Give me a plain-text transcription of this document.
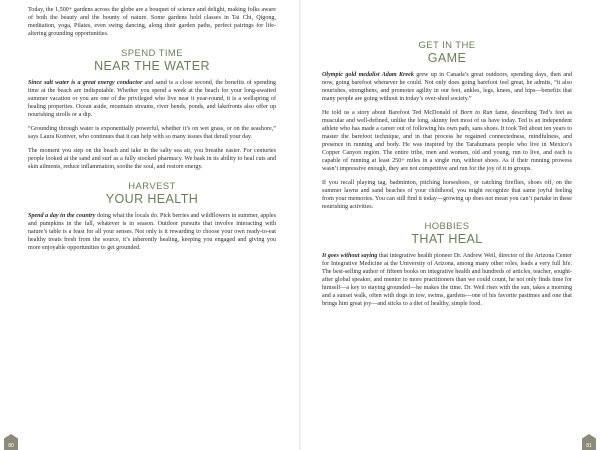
Today, the 1,500+ gardens across the globe are a bouquet of science and delight, making folks aware of both the beauty and the bounty of nature. Some gardens hold classes in Tai Chi, Qigong, meditation, yoga, Pilates, even swing dancing, along their garden paths, perfect pairings for life-altering grounding opportunities.

SPEND TIME
NEAR THE WATER

Since salt water is a great energy conductor and sand is a close second, the benefits of spending time at the beach are indisputable. Whether you spend a week at the beach for your long-awaited summer vacation or you are one of the privileged who live near it year-round, it is a wellspring of healing properties. Ocean aside, mountain streams, river bends, ponds, and lakefronts also offer up nourishing strolls or a dip.

“Grounding through water is exponentially powerful, whether it’s on wet grass, or on the seashore,” says Laura Koniver, who continues that it can help with so many issues that derail your day.

The moment you step on the beach and take in the salty sea air, you breathe easier. For centuries people looked at the sand and surf as a fully stocked pharmacy. We bask in its ability to heal cuts and skin ailments, reduce inflammation, soothe the soul, and restore energy.

HARVEST
YOUR HEALTH

Spend a day in the country doing what the locals do. Pick berries and wildflowers in summer, apples and pumpkins in the fall, whatever is in season. Outdoor pursuits that involve interacting with nature’s table is a feast for all your senses. Not only is it rewarding to choose your own ready-to-eat healthy treats fresh from the source, it’s inherently healing, keeping you engaged and giving you more enjoyable opportunities to get grounded.

80
GET IN THE
GAME

Olympic gold medalist Adam Kreek grew up in Canada’s great outdoors, spending days, then and now, going barefoot whenever he could. Not only does going barefoot feel great, he admits, “it also nourishes, strengthens, and promotes agility in our feet, ankles, legs, knees, and hips—benefits that many people are going without in today’s over-shod society.”

He told us a story about Barefoot Ted McDonald of Born to Run fame, describing Ted’s feet as muscular and well-defined, unlike the long, skinny feet most of us have today. Ted is an independent athlete who has made a career out of following his own path, sans shoes. It took Ted about ten years to master the barefoot technique, and in that process he regained connectedness, mindfulness, and presence in running and body. He was inspired by the Tarahumara people who live in Mexico’s Copper Canyon region. The entire tribe, men and women, old and young, run to live, and each is capable of running at least 250+ miles in a single run, without shoes. As if their running prowess wasn’t impressive enough, they are not competitive and run for the joy of it in groups.

If you recall playing tag, badminton, pitching horseshoes, or catching fireflies, shoes off, on the summer lawns and sand beaches of your childhood, you might recognize that same joyful feeling from your memories. You can still find it today—growing up does not mean you can’t partake in these nourishing activities.

HOBBIES
THAT HEAL

It goes without saying that integrative health pioneer Dr. Andrew Weil, director of the Arizona Center for Integrative Medicine at the University of Arizona, among many other roles, leads a very full life. The best-selling author of fifteen books on integrative health and hundreds of articles, teacher, sought-after global speaker, and mentor to more practitioners than we could count, he not only finds time for himself—a key to staying grounded—he makes the time. Dr. Weil rises with the sun, takes a morning and a sunset walk, often with dogs in tow, swims, gardens—one of his favorite pastimes and one that brings him great joy—and sticks to a diet of healthy, simple food.

81
